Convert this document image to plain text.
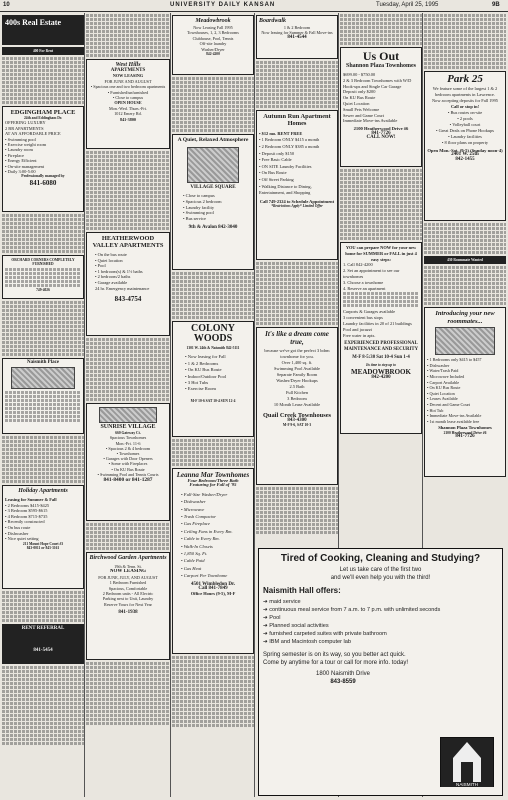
10	UNIVERSITY DAILY KANSAN	Tuesday, April 25, 1995	9B
400s Real Estate
400 For Rent
EDGINGHAM PLACE
24th and Eddingham Dr.
OFFERING LUXURY
2 BR APARTMENTS
AT AN AFFORDABLE PRICE
• Swimming pool
• Exercise weight room
• Laundry room
• Fireplace
• Energy Efficient
• On-site management
• Daily 3:00-5:00
Professionally managed by
841-6080
ORCHARD CORNERS COMPLETELY FURNISHED
749-4026
Naismith Place
Holiday Apartments
Leasing for Summer & Fall
• 2 Bedrooms $415-$425
• 3 Bedroom $595-$615
• 4 Bedroom $715-$735
• Recently constructed
• On bus route
• Dishwasher
• Nice quiet setting
211 Mount Hope Court #3
843-0011 or 843-3161
RENT REFERRAL
841-5454
West Hills
APARTMENTS
NOW LEASING
FOR JUNE AND AUGUST
• Spacious one and two bedroom apartments
• Furnished/unfurnished
• Close to campus
OPEN HOUSE
Mon.-Wed. Thurs.-Fri.
1012 Emery Rd.
841-3800
HEATHERWOOD VALLEY APARTMENTS
• On the bus route
• Quiet location
• Pool
• 1 bedroom(s) & 1½ baths
• 2 bedroom/2 baths
• Garage available
24 hr. Emergency maintenance
843-4754
SUNRISE VILLAGE
660 Gateway Ct.
Spacious Townhomes
Mon.-Fri. 11-6
• Spacious 2 & 4 bedroom
• Townhomes
• Garages with Door Openers
• Some with Fireplaces
• On KU Bus Route
• Swimming Pool and Tennis Courts
841-8400 or 841-1287
Birchwood Garden Apartments
19th & Tenn. St.
NOW LEASING
FOR JUNE, JULY, AND AUGUST
1 Bedroom Furnished
Spacious, Comfortable
2 Bedroom units - All Electric
Parking next to Unit, Laundry
Reserve Yours for Next Year
841-1938
Meadowbrook
Now Leasing Fall 1995
Townhouses, 1, 2, 3 Bedrooms
Clubhouse, Pool, Tennis
Off-site laundry
Washer/Dryer
842-4200
A Quiet, Relaxed Atmosphere
VILLAGE SQUARE
• Close to campus
• Spacious 2 bedroom
• Laundry facility
• Swimming pool
• Bus service
9th & Avalon 842-3040
COLONY WOODS
1301 W. 24th & Naismith 842-5111
• Now leasing for Fall
• 1 & 2 Bedrooms
• On KU Bus Route
• Indoor/Outdoor Pool
• 3 Hot Tubs
• Exercise Room
M-F 10-6 SAT 10-4 SUN 12-4
Leanna Mar Townhomes
Four Bedroom/Three Bath
Featuring for Fall of '95
• Full-Size Washer/Dryer
• Dishwasher
• Microwave
• Trash Compactor
• Gas Fireplace
• Ceiling Fans in Every Rm.
• Cable in Every Rm.
• Walk-In Closets
• 1,850 Sq. Ft.
• Cable Paid
• Gas Heat
• Carport Per Townhome
4501 Wimbledon Dr.
Call 841-7849
Office Hours (9-5), M-F
Boardwalk
1 & 2 Bedroom
Now leasing for Summer & Fall Move-ins
841-4544
Autumn Run Apartment Homes
• $12 mo. RENT FREE
• 1 Bedroom ONLY $415 a month
• 2 Bedroom ONLY $385 a month
• Deposit only $150
• Free Basic Cable
• ON SITE Laundry Facilities
• On Bus Route
• Off Street Parking
• Walking Distance to Dining, Entertainment, and Shopping
Call 749-2324 to Schedule Appointment
*Restrictions Apply* Limited Offer
It's like a dream come true,
because we've got the perfect 3 bdrm townhome for you.
Over 1,400 sq. ft.
Swimming Pool Available
Separate Family Room
Washer/Dryer Hookups
2.5 Bath
Full Kitchen
3 Bedroom
10 Month Lease Available
Quail Creek Townhouses
843-4300
M-F 9-6, SAT 10-3
Us Out
Shannon Plaza Townhomes
$699.00 - $750.00
2 & 3 Bedroom Townhomes with W/D Hook-ups and Single Car Garage
Deposit only $200
On KU Bus Route
Quiet Location
Small Pets Welcome
Sewer and Game Court
Immediate Move-ins Available
2100 Heatherwood Drive #6
841-7726
CALL NOW!
YOU can prepare NOW for your new home for SUMMER or FALL in just 4 easy steps:
1. Call 842-4200
2. Set an appointment to see our townhomes
3. Choose a townhome
4. Reserve an apartment
Carports & Garages available
3 convenient bus stops
Laundry facilities in 20 of 21 buildings
Pool and jacuzzi
Free water in apts.
EXPERIENCED PROFESSIONAL MAINTENANCE AND SECURITY
M-F 8-5:30 Sat 10-4 Sun 1-4
Its time to step up to
MEADOWBROOK
842-4200
Park 25
We feature some of the largest 1 & 2 bedroom apartments in Lawrence.
Now accepting deposits for Fall 1995
Call or stop in!
• Bus routes on-site
• 2 pools
• Volleyball court
• Great Deals on Phone Hookups
• Laundry facilities
• 8 floor plans on property
Open Mon.-Sat. (9-5) (Sunday noon-4)
2401 W. 25th
842-1455
430 Roommate Wanted
Introducing your new roommates...
• 1 Bedrooms only $415 to $457
• Dishwasher
• Water/Trash Paid
• Microwave Included
• Carport Available
• On KU Bus Route
• Quiet Location
• Leases Available
• Decent and Game Court
• Hot Tub
• Immediate Move-ins Available
• 1st month lease available free
Shannon Plaza Townhomes
2100 Heatherwood Drive #6
841-7726
Tired of Cooking, Cleaning and Studying?
Let us take care of the first two
and we'll even help you with the third!
Naismith Hall offers:
➔ maid service
➔ continuous meal service from 7 a.m. to 7 p.m. with unlimited seconds
➔ Pool
➔ Planned social activities
➔ furnished carpeted suites with private bathroom
➔ IBM and Macintosh computer lab
Spring semester is on its way, so you better act quick. Come by anytime for a tour or call for more info. today!
1800 Naismith Drive
843-8559
NAISMITH
